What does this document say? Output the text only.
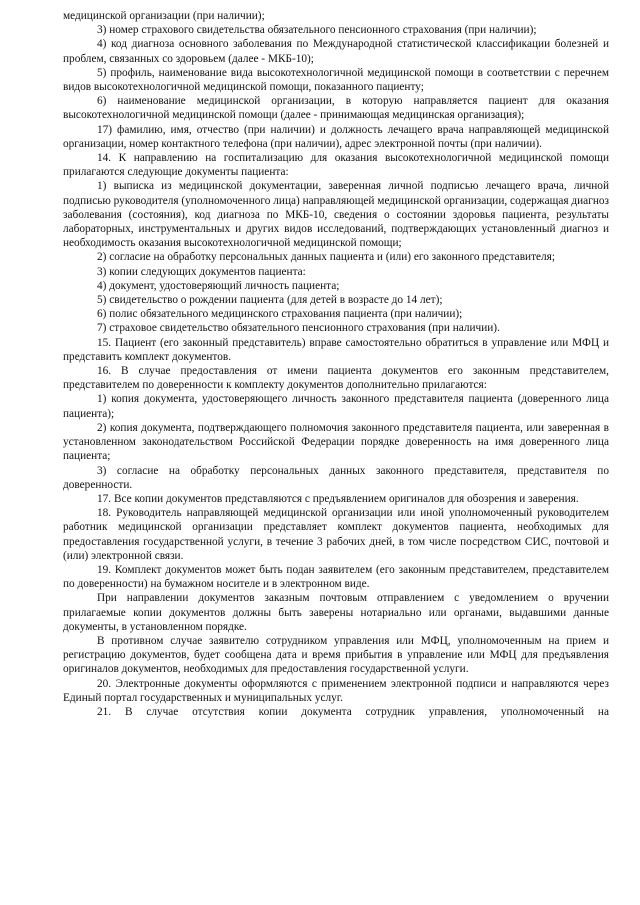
медицинской организации (при наличии);

3) номер страхового свидетельства обязательного пенсионного страхования (при наличии);

4) код диагноза основного заболевания по Международной статистической классификации болезней и проблем, связанных со здоровьем (далее - МКБ-10);

5) профиль, наименование вида высокотехнологичной медицинской помощи в соответствии с перечнем видов высокотехнологичной медицинской помощи, показанного пациенту;

6) наименование медицинской организации, в которую направляется пациент для оказания высокотехнологичной медицинской помощи (далее - принимающая медицинская организация);

17) фамилию, имя, отчество (при наличии) и должность лечащего врача направляющей медицинской организации, номер контактного телефона (при наличии), адрес электронной почты (при наличии).

14. К направлению на госпитализацию для оказания высокотехнологичной медицинской помощи прилагаются следующие документы пациента:

1) выписка из медицинской документации, заверенная личной подписью лечащего врача, личной подписью руководителя (уполномоченного лица) направляющей медицинской организации, содержащая диагноз заболевания (состояния), код диагноза по МКБ-10, сведения о состоянии здоровья пациента, результаты лабораторных, инструментальных и других видов исследований, подтверждающих установленный диагноз и необходимость оказания высокотехнологичной медицинской помощи;

2) согласие на обработку персональных данных пациента и (или) его законного представителя;

3) копии следующих документов пациента:

4) документ, удостоверяющий личность пациента;

5) свидетельство о рождении пациента (для детей в возрасте до 14 лет);

6) полис обязательного медицинского страхования пациента (при наличии);

7) страховое свидетельство обязательного пенсионного страхования (при наличии).

15. Пациент (его законный представитель) вправе самостоятельно обратиться в управление или МФЦ и представить комплект документов.

16. В случае предоставления от имени пациента документов его законным представителем, представителем по доверенности к комплекту документов дополнительно прилагаются:

1) копия документа, удостоверяющего личность законного представителя пациента (доверенного лица пациента);

2) копия документа, подтверждающего полномочия законного представителя пациента, или заверенная в установленном законодательством Российской Федерации порядке доверенность на имя доверенного лица пациента;

3) согласие на обработку персональных данных законного представителя, представителя по доверенности.

17. Все копии документов представляются с предъявлением оригиналов для обозрения и заверения.

18. Руководитель направляющей медицинской организации или иной уполномоченный руководителем работник медицинской организации представляет комплект документов пациента, необходимых для предоставления государственной услуги, в течение 3 рабочих дней, в том числе посредством СИС, почтовой и (или) электронной связи.

19. Комплект документов может быть подан заявителем (его законным представителем, представителем по доверенности) на бумажном носителе и в электронном виде.

При направлении документов заказным почтовым отправлением с уведомлением о вручении прилагаемые копии документов должны быть заверены нотариально или органами, выдавшими данные документы, в установленном порядке.

В противном случае заявителю сотрудником управления или МФЦ, уполномоченным на прием и регистрацию документов, будет сообщена дата и время прибытия в управление или МФЦ для предъявления оригиналов документов, необходимых для предоставления государственной услуги.

20. Электронные документы оформляются с применением электронной подписи и направляются через Единый портал государственных и муниципальных услуг.

21. В случае отсутствия копии документа сотрудник управления, уполномоченный на
